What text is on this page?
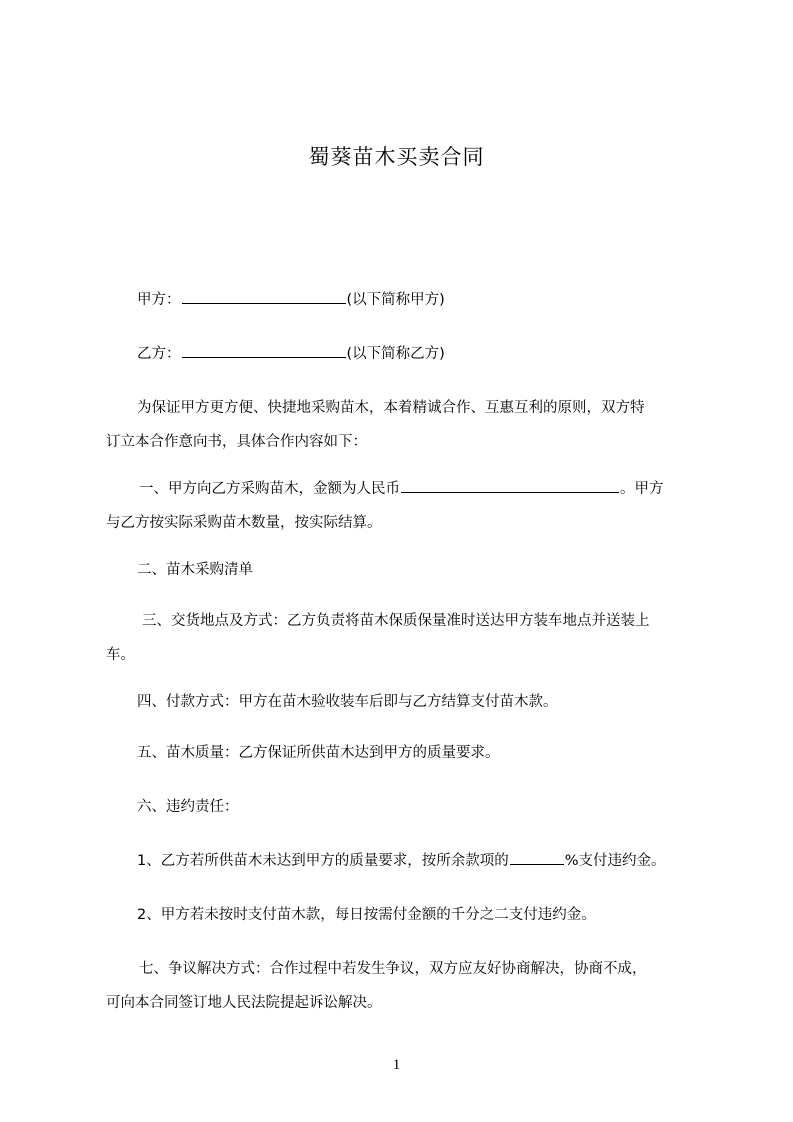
蜀葵苗木买卖合同
甲方：	(以下简称甲方)
乙方：	(以下简称乙方)
为保证甲方更方便、快捷地采购苗木，本着精诚合作、互惠互利的原则，双方特
订立本合作意向书，具体合作内容如下：
一、甲方向乙方采购苗木，金额为人民币	。甲方
与乙方按实际采购苗木数量，按实际结算。
二、苗木采购清单
三、交货地点及方式：乙方负责将苗木保质保量准时送达甲方装车地点并送装上
车。
四、付款方式：甲方在苗木验收装车后即与乙方结算支付苗木款。
五、苗木质量：乙方保证所供苗木达到甲方的质量要求。
六、违约责任：
1、乙方若所供苗木未达到甲方的质量要求，按所余款项的	%支付违约金。
2、甲方若未按时支付苗木款，每日按需付金额的千分之二支付违约金。
七、争议解决方式：合作过程中若发生争议，双方应友好协商解决，协商不成，
可向本合同签订地人民法院提起诉讼解决。
1
